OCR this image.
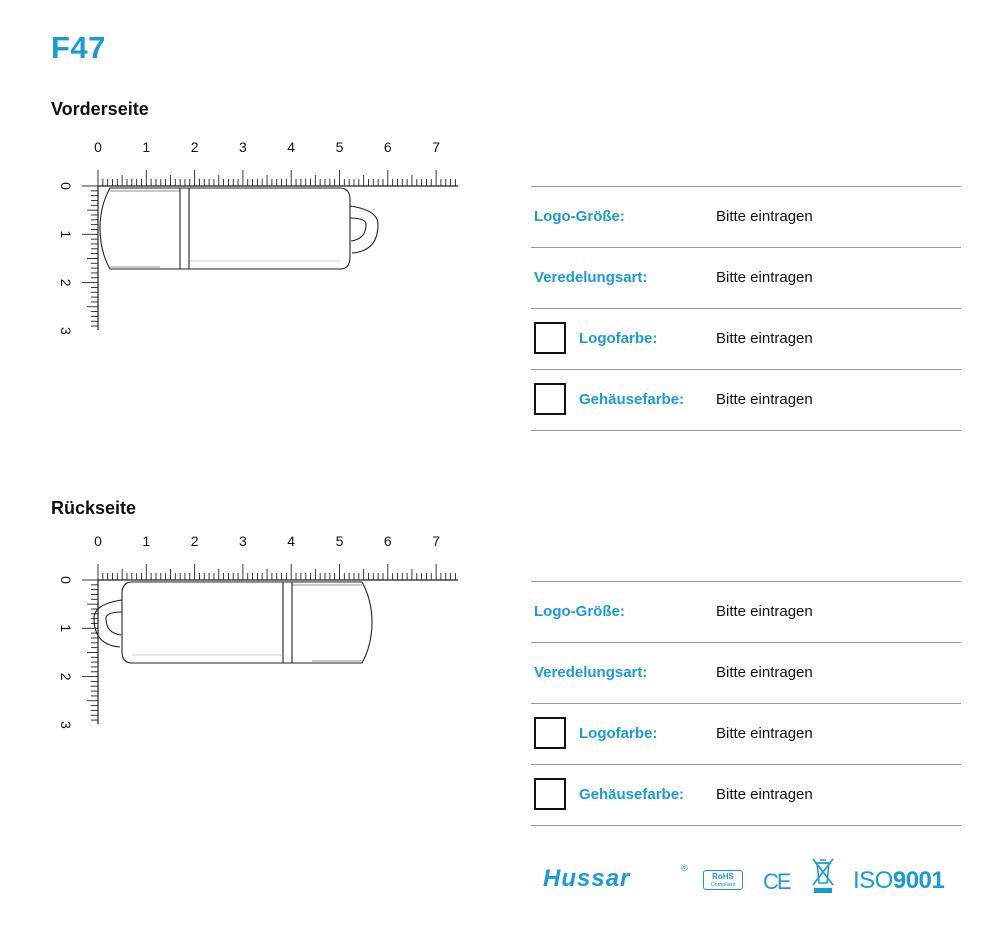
F47
Vorderseite
0	1	2	3	4	5	6	7
0
1
2
3
Logo-Größe:	Bitte eintragen
Veredelungsart:	Bitte eintragen
Logofarbe:	Bitte eintragen
Gehäusefarbe: Bitte eintragen
Rückseite
0	1	2	3	4	5	6	7
0
1
2
3
Logo-Größe:	Bitte eintragen
Veredelungsart:	Bitte eintragen
Logofarbe:	Bitte eintragen
Gehäusefarbe: Bitte eintragen
Hussar	®
RoHS
Compliant	CE	ISO9001
